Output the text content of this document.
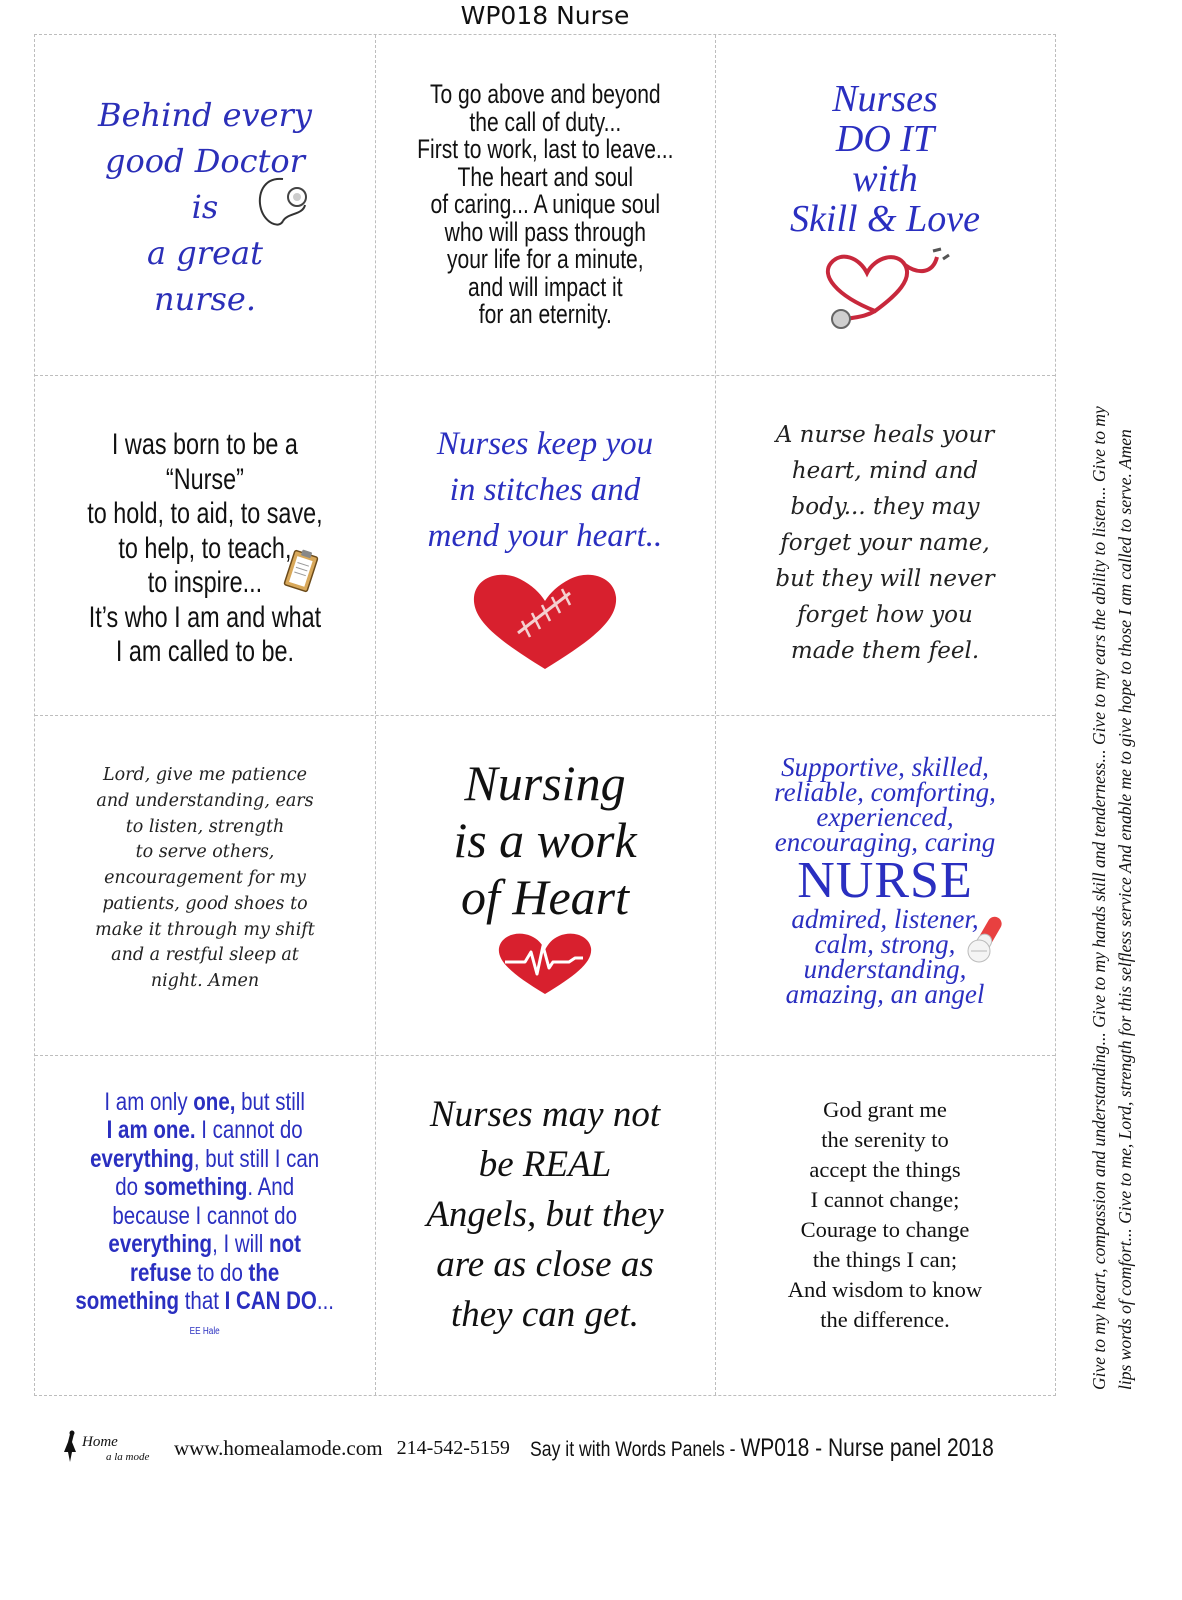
WP018 Nurse
Behind every
good Doctor
is
a great
nurse.
To go above and beyond
the call of duty...
First to work, last to leave...
The heart and soul
of caring... A unique soul
who will pass through
your life for a minute,
and will impact it
for an eternity.
Nurses
DO IT
with
Skill & Love
I was born to be a
“Nurse”
to hold, to aid, to save,
to help, to teach,
to inspire...
It’s who I am and what
I am called to be.
Nurses keep you
in stitches and
mend your heart..
A nurse heals your
heart, mind and
body... they may
forget your name,
but they will never
forget how you
made them feel.
Lord, give me patience
and understanding, ears
to listen, strength
to serve others,
encouragement for my
patients, good shoes to
make it through my shift
and a restful sleep at
night. Amen
Nursing
is a work
of Heart
Supportive, skilled,
reliable, comforting,
experienced,
encouraging, caring
NURSE
admired, listener,
calm, strong,
understanding,
amazing, an angel
I am only one, but still
I am one. I cannot do
everything, but still I can
do something. And
because I cannot do
everything, I will not
refuse to do the
something that I CAN DO...
EE Hale
Nurses may not
be REAL
Angels, but they
are as close as
they can get.
God grant me
the serenity to
accept the things
I cannot change;
Courage to change
the things I can;
And wisdom to know
the difference.	Give to my heart, compassion and understanding... Give to my hands skill and tenderness... Give to my ears the ability to listen... Give to my lips words of comfort... Give to me, Lord, strength for this selfless service And enable me to give hope to those I am called to serve. Amen
Home
a la mode www.homealamode.com 214-542-5159 Say it with Words Panels - WP018 - Nurse panel 2018
